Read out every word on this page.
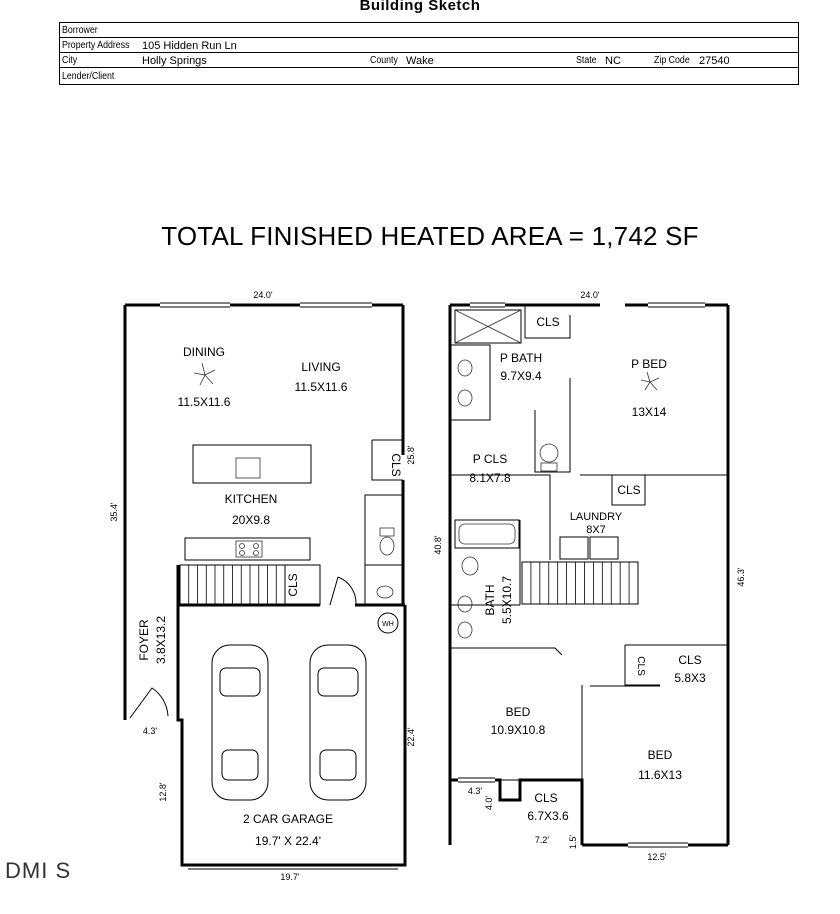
Building Sketch
Borrower
Property Address 105 Hidden Run Ln
City	Holly Springs	County Wake	State NC	Zip Code 27540
Lender/Client
TOTAL FINISHED HEATED AREA = 1,742 SF
DINING
11.5X11.6
LIVING
11.5X11.6
KITCHEN
20X9.8
CLS
CLS
FOYER 3.8X13.2
2 CAR GARAGE
19.7' X 22.4'
WH
24.0'
35.4'
25.8'
22.4'
19.7'
4.3'
12.8'
CLS
P BATH
9.7X9.4
P BED
13X14
P CLS
8.1X7.8
CLS
LAUNDRY
8X7
BATH 5.5X10.7
CLS	CLS
5.8X3
BED
10.9X10.8
BED
11.6X13
CLS
6.7X3.6
24.0'
40.8'
46.3'
4.3'
4.0'
7.2' 1.5'
12.5'
DMI S
